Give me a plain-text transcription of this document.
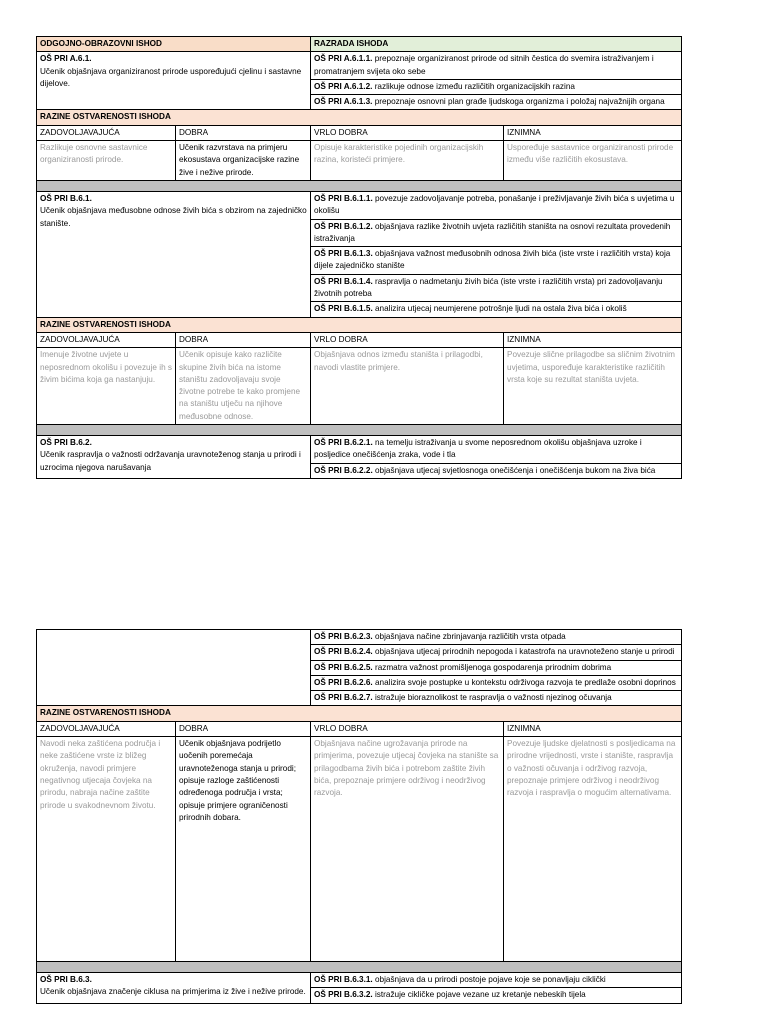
ODGOJNO-OBRAZOVNI ISHOD		RAZRADA ISHODA	
OŠ PRI A.6.1.
Učenik objašnjava organiziranost prirode uspoređujući cjelinu i sastavne dijelove.		OŠ PRI A.6.1.1. prepoznaje organiziranost prirode od sitnih čestica do svemira istraživanjem i promatranjem svijeta oko sebe	
		OŠ PRI A.6.1.2. razlikuje odnose između različitih organizacijskih razina	
		OŠ PRI A.6.1.3. prepoznaje osnovni plan građe ljudskoga organizma i položaj najvažnijih organa	
RAZINE OSTVARENOSTI ISHODA			
ZADOVOLJAVAJUĆA	DOBRA	VRLO DOBRA	IZNIMNA
Razlikuje osnovne sastavnice organiziranosti prirode.	Učenik razvrstava na primjeru ekosustava organizacijske razine žive i nežive prirode.	Opisuje karakteristike pojedinih organizacijskih razina, koristeći primjere.	Uspoređuje sastavnice organiziranosti prirode između više različitih ekosustava.

OŠ PRI B.6.1.
Učenik objašnjava međusobne odnose živih bića s obzirom na zajedničko stanište.		OŠ PRI B.6.1.1. povezuje zadovoljavanje potreba, ponašanje i preživljavanje živih bića s uvjetima u okolišu	
		OŠ PRI B.6.1.2. objašnjava razlike životnih uvjeta različitih staništa na osnovi rezultata provedenih istraživanja	
		OŠ PRI B.6.1.3. objašnjava važnost međusobnih odnosa živih bića (iste vrste i različitih vrsta) koja dijele zajedničko stanište	
		OŠ PRI B.6.1.4. raspravlja o nadmetanju živih bića (iste vrste i različitih vrsta) pri zadovoljavanju životnih potreba	
		OŠ PRI B.6.1.5. analizira utjecaj neumjerene potrošnje ljudi na ostala živa bića i okoliš	
RAZINE OSTVARENOSTI ISHODA			
ZADOVOLJAVAJUĆA	DOBRA	VRLO DOBRA	IZNIMNA
Imenuje životne uvjete u neposrednom okolišu i povezuje ih s živim bićima koja ga nastanjuju.	Učenik opisuje kako različite skupine živih bića na istome staništu zadovoljavaju svoje životne potrebe te kako promjene na staništu utječu na njihove međusobne odnose.	Objašnjava odnos između staništa i prilagodbi, navodi vlastite primjere.	Povezuje slične prilagodbe sa sličnim životnim uvjetima, uspoređuje karakteristike različitih vrsta koje su rezultat staništa uvjeta.

OŠ PRI B.6.2.
Učenik raspravlja o važnosti održavanja uravnoteženog stanja u prirodi i uzrocima njegova narušavanja		OŠ PRI B.6.2.1. na temelju istraživanja u svome neposrednom okolišu objašnjava uzroke i posljedice onečišćenja zraka, vode i tla	
		OŠ PRI B.6.2.2. objašnjava utjecaj svjetlosnoga onečišćenja i onečišćenja bukom na živa bića	
		OŠ PRI B.6.2.3. objašnjava načine zbrinjavanja različitih vrsta otpada	
		OŠ PRI B.6.2.4. objašnjava utjecaj prirodnih nepogoda i katastrofa na uravnoteženo stanje u prirodi	
		OŠ PRI B.6.2.5. razmatra važnost promišljenoga gospodarenja prirodnim dobrima	
		OŠ PRI B.6.2.6. analizira svoje postupke u kontekstu održivoga razvoja te predlaže osobni doprinos	
		OŠ PRI B.6.2.7. istražuje bioraznolikost te raspravlja o važnosti njezinog očuvanja	
RAZINE OSTVARENOSTI ISHODA			
ZADOVOLJAVAJUĆA	DOBRA	VRLO DOBRA	IZNIMNA
Navodi neka zaštićena područja i neke zaštićene vrste iz bližeg okruženja, navodi primjere negativnog utjecaja čovjeka na prirodu, nabraja načine zaštite prirode u svakodnevnom životu.	Učenik objašnjava podrijetlo uočenih poremećaja uravnoteženoga stanja u prirodi; opisuje razloge zaštićenosti određenoga područja i vrsta; opisuje primjere ograničenosti prirodnih dobara.	Objašnjava načine ugrožavanja prirode na primjerima, povezuje utjecaj čovjeka na stanište sa prilagodbama živih bića i potrebom zaštite živih bića, prepoznaje primjere održivog i neodrživog razvoja.	Povezuje ljudske djelatnosti s posljedicama na prirodne vrijednosti, vrste i stanište, raspravlja o važnosti očuvanja i održivog razvoja, prepoznaje primjere održivog i neodrživog razvoja i raspravlja o mogućim alternativama.

OŠ PRI B.6.3.
Učenik objašnjava značenje ciklusa na primjerima iz žive i nežive prirode.		OŠ PRI B.6.3.1. objašnjava da u prirodi postoje pojave koje se ponavljaju ciklički	
		OŠ PRI B.6.3.2. istražuje cikličke pojave vezane uz kretanje nebeskih tijela	
